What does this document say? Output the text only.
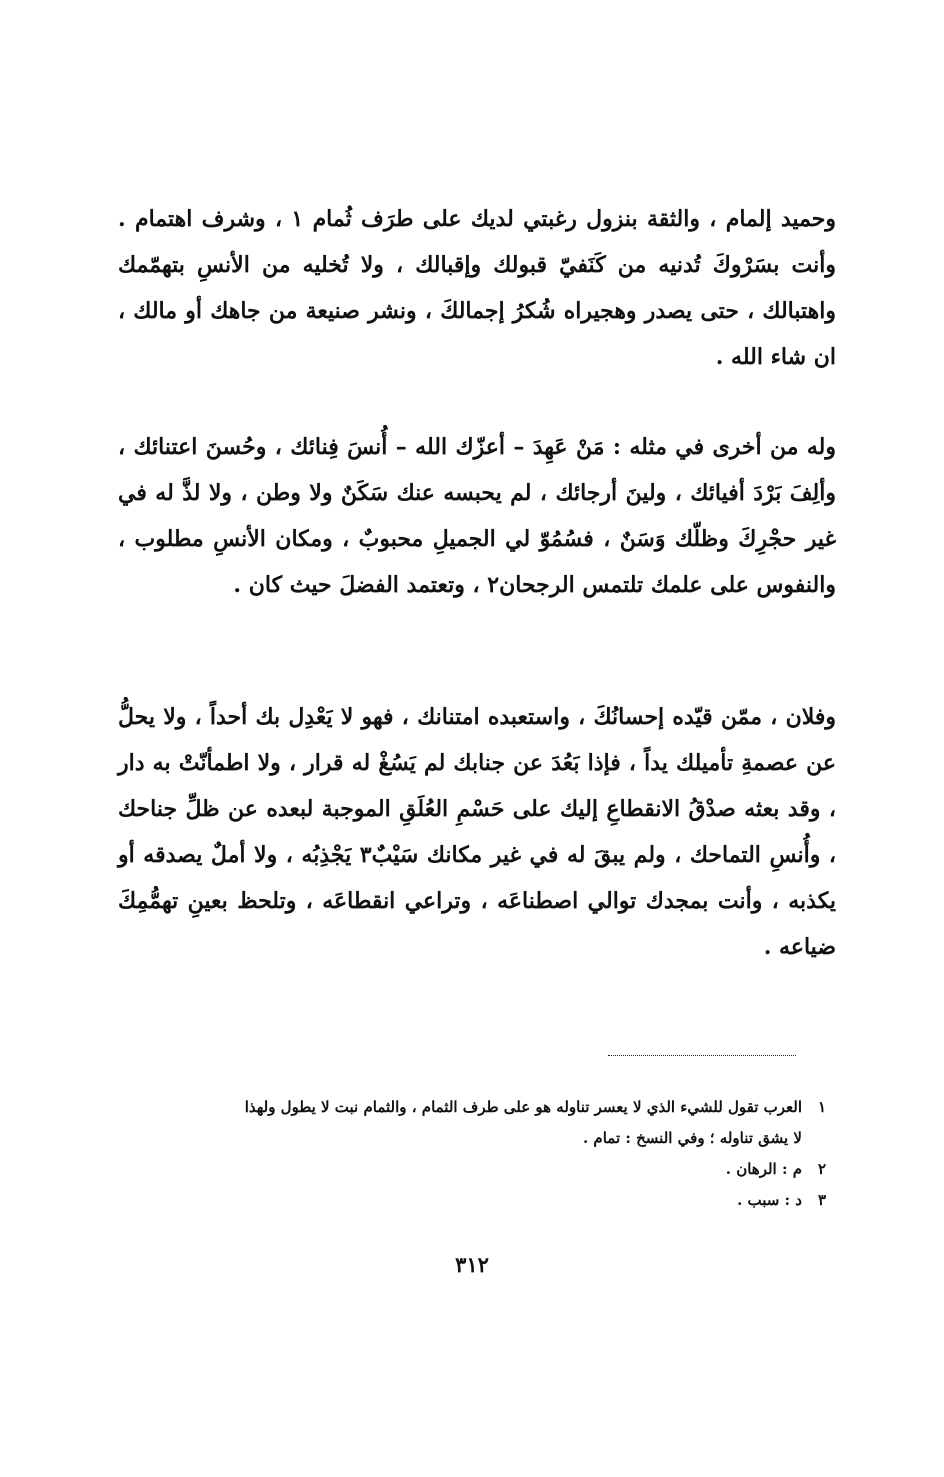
وحميد إلمام ، والثقة بنزول رغبتي لديك على طرَف ثُمام ١ ، وشرف اهتمام . وأنت بسَرْوكَ تُدنيه من كَنَفيّ قبولك وإقبالك ، ولا تُخليه من الأنسِ بتهمّمك واهتبالك ، حتى يصدر وهجيراه شُكرُ إجمالكَ ، ونشر صنيعة من جاهك أو مالك ، ان شاء الله .

وله من أخرى في مثله : مَنْ عَهِدَ – أعزّك الله – أُنسَ فِنائك ، وحُسنَ اعتنائك ، وألِفَ بَرْدَ أفيائك ، ولينَ أرجائك ، لم يحبسه عنك سَكَنٌ ولا وطن ، ولا لذَّ له في غير حجْرِكَ وظلّك وَسَنٌ ، فسُمُوّ لي الجميلِ محبوبٌ ، ومكان الأنسِ مطلوب ، والنفوس على علمك تلتمس الرجحان٢ ، وتعتمد الفضلَ حيث كان .

وفلان ، ممّن قيّده إحسانُكَ ، واستعبده امتنانك ، فهو لا يَعْدِل بك أحداً ، ولا يحلُّ عن عصمةِ تأميلك يداً ، فإذا بَعُدَ عن جنابك لم يَسُغْ له قرار ، ولا اطمأنّتْ به دار ، وقد بعثه صدْقُ الانقطاعِ إليك على حَسْمِ العُلَقِ الموجبة لبعده عن ظلِّ جناحك ، وأُنسِ التماحك ، ولم يبقَ له في غير مكانك سَيْبٌ٣ يَجْذِبُه ، ولا أملٌ يصدقه أو يكذبه ، وأنت بمجدك توالي اصطناعَه ، وتراعي انقطاعَه ، وتلحظ بعينِ تهمُّمِكَ ضياعه .

١العرب تقول للشيء الذي لا يعسر تناوله هو على طرف الثمام ، والثمام نبت لا يطول ولهذا

لا يشق تناوله ؛ وفي النسخ : تمام .

٢م : الرهان .

٣د : سبب .

٣١٢
